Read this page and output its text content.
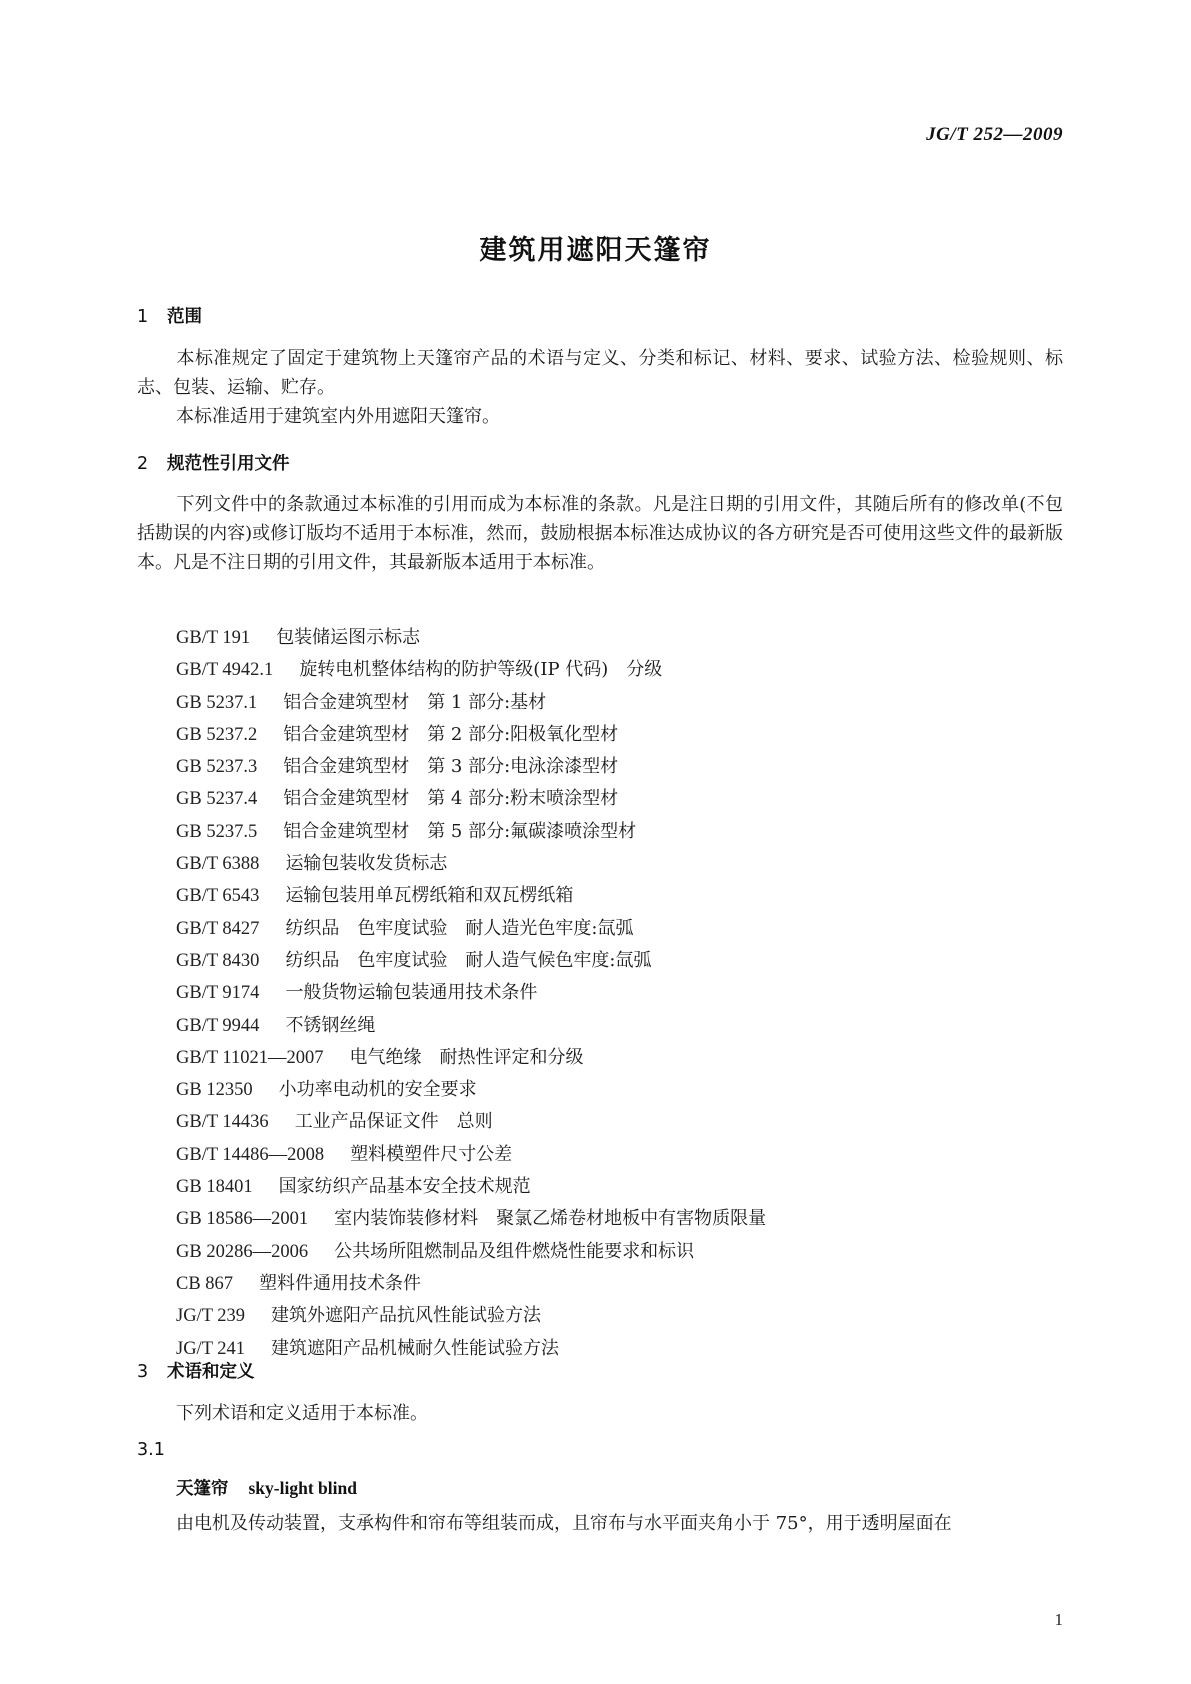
JG/T 252—2009
建筑用遮阳天篷帘
1 范围
本标准规定了固定于建筑物上天篷帘产品的术语与定义、分类和标记、材料、要求、试验方法、检验规则、标志、包装、运输、贮存。
本标准适用于建筑室内外用遮阳天篷帘。
2 规范性引用文件
下列文件中的条款通过本标准的引用而成为本标准的条款。凡是注日期的引用文件，其随后所有的修改单(不包括勘误的内容)或修订版均不适用于本标准，然而，鼓励根据本标准达成协议的各方研究是否可使用这些文件的最新版本。凡是不注日期的引用文件，其最新版本适用于本标准。
GB/T 191 包装储运图示标志
GB/T 4942.1 旋转电机整体结构的防护等级(IP 代码)　分级
GB 5237.1 铝合金建筑型材　第 1 部分:基材
GB 5237.2 铝合金建筑型材　第 2 部分:阳极氧化型材
GB 5237.3 铝合金建筑型材　第 3 部分:电泳涂漆型材
GB 5237.4 铝合金建筑型材　第 4 部分:粉末喷涂型材
GB 5237.5 铝合金建筑型材　第 5 部分:氟碳漆喷涂型材
GB/T 6388 运输包装收发货标志
GB/T 6543 运输包装用单瓦楞纸箱和双瓦楞纸箱
GB/T 8427 纺织品　色牢度试验　耐人造光色牢度:氙弧
GB/T 8430 纺织品　色牢度试验　耐人造气候色牢度:氙弧
GB/T 9174 一般货物运输包装通用技术条件
GB/T 9944 不锈钢丝绳
GB/T 11021—2007 电气绝缘　耐热性评定和分级
GB 12350 小功率电动机的安全要求
GB/T 14436 工业产品保证文件　总则
GB/T 14486—2008 塑料模塑件尺寸公差
GB 18401 国家纺织产品基本安全技术规范
GB 18586—2001 室内装饰装修材料　聚氯乙烯卷材地板中有害物质限量
GB 20286—2006 公共场所阻燃制品及组件燃烧性能要求和标识
CB 867 塑料件通用技术条件
JG/T 239 建筑外遮阳产品抗风性能试验方法
JG/T 241 建筑遮阳产品机械耐久性能试验方法
3 术语和定义
下列术语和定义适用于本标准。
3.1
天篷帘 sky-light blind
由电机及传动装置，支承构件和帘布等组装而成，且帘布与水平面夹角小于 75°，用于透明屋面在
1
